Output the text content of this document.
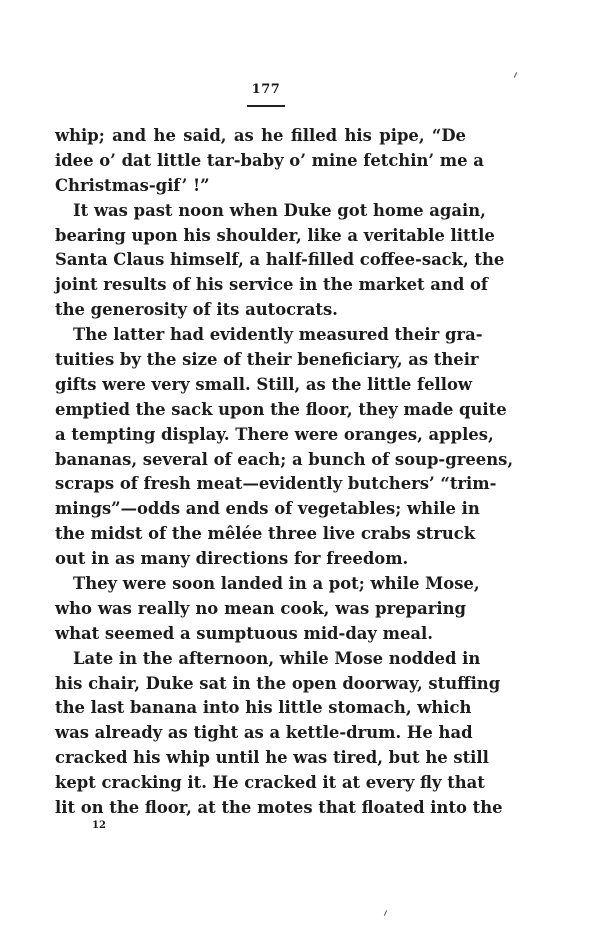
177
whip; and he said, as he filled his pipe, “De
idee o’ dat little tar-baby o’ mine fetchin’ me a
Christmas-gif’ !”
It was past noon when Duke got home again,
bearing upon his shoulder, like a veritable little
Santa Claus himself, a half-filled coffee-sack, the
joint results of his service in the market and of
the generosity of its autocrats.
The latter had evidently measured their gra-
tuities by the size of their beneficiary, as their
gifts were very small. Still, as the little fellow
emptied the sack upon the floor, they made quite
a tempting display. There were oranges, apples,
bananas, several of each; a bunch of soup-greens,
scraps of fresh meat—evidently butchers’ “trim-
mings”—odds and ends of vegetables; while in
the midst of the mêlée three live crabs struck
out in as many directions for freedom.
They were soon landed in a pot; while Mose,
who was really no mean cook, was preparing
what seemed a sumptuous mid-day meal.
Late in the afternoon, while Mose nodded in
his chair, Duke sat in the open doorway, stuffing
the last banana into his little stomach, which
was already as tight as a kettle-drum. He had
cracked his whip until he was tired, but he still
kept cracking it. He cracked it at every fly that
lit on the floor, at the motes that floated into the
12
